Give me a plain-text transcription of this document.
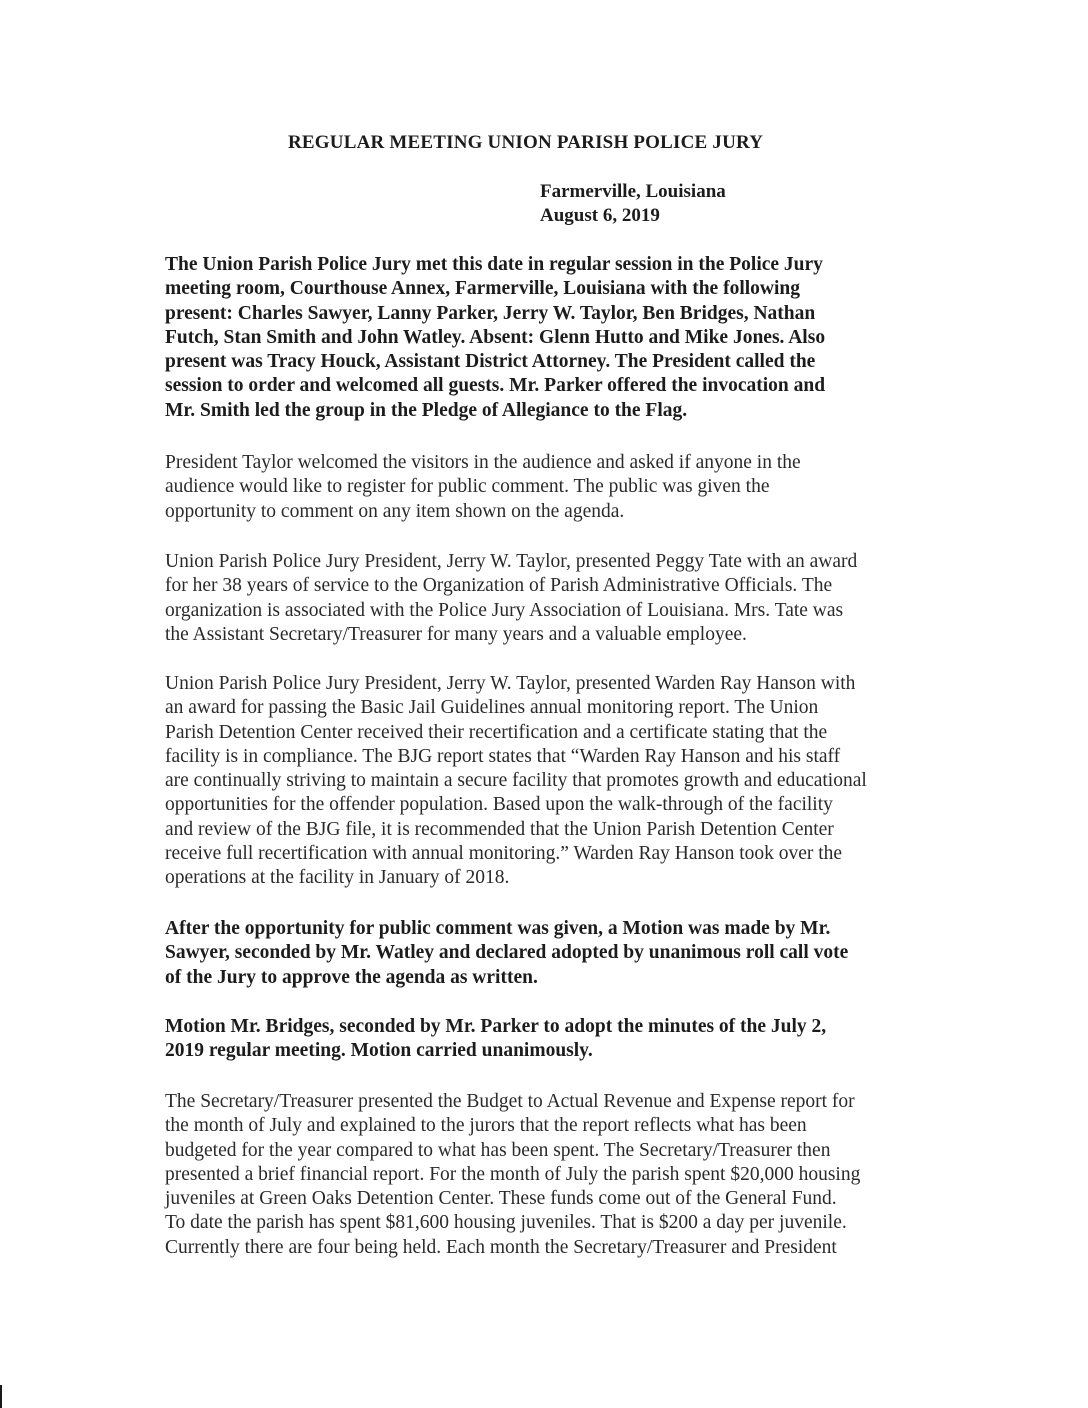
REGULAR MEETING UNION PARISH POLICE JURY
Farmerville, Louisiana
August 6, 2019
The Union Parish Police Jury met this date in regular session in the Police Jury
meeting room, Courthouse Annex, Farmerville, Louisiana with the following
present: Charles Sawyer, Lanny Parker, Jerry W. Taylor, Ben Bridges, Nathan
Futch, Stan Smith and John Watley. Absent: Glenn Hutto and Mike Jones. Also
present was Tracy Houck, Assistant District Attorney. The President called the
session to order and welcomed all guests. Mr. Parker offered the invocation and
Mr. Smith led the group in the Pledge of Allegiance to the Flag.
President Taylor welcomed the visitors in the audience and asked if anyone in the
audience would like to register for public comment. The public was given the
opportunity to comment on any item shown on the agenda.
Union Parish Police Jury President, Jerry W. Taylor, presented Peggy Tate with an award
for her 38 years of service to the Organization of Parish Administrative Officials. The
organization is associated with the Police Jury Association of Louisiana. Mrs. Tate was
the Assistant Secretary/Treasurer for many years and a valuable employee.
Union Parish Police Jury President, Jerry W. Taylor, presented Warden Ray Hanson with
an award for passing the Basic Jail Guidelines annual monitoring report. The Union
Parish Detention Center received their recertification and a certificate stating that the
facility is in compliance. The BJG report states that “Warden Ray Hanson and his staff
are continually striving to maintain a secure facility that promotes growth and educational
opportunities for the offender population. Based upon the walk-through of the facility
and review of the BJG file, it is recommended that the Union Parish Detention Center
receive full recertification with annual monitoring.” Warden Ray Hanson took over the
operations at the facility in January of 2018.
After the opportunity for public comment was given, a Motion was made by Mr.
Sawyer, seconded by Mr. Watley and declared adopted by unanimous roll call vote
of the Jury to approve the agenda as written.
Motion Mr. Bridges, seconded by Mr. Parker to adopt the minutes of the July 2,
2019 regular meeting. Motion carried unanimously.
The Secretary/Treasurer presented the Budget to Actual Revenue and Expense report for
the month of July and explained to the jurors that the report reflects what has been
budgeted for the year compared to what has been spent. The Secretary/Treasurer then
presented a brief financial report. For the month of July the parish spent $20,000 housing
juveniles at Green Oaks Detention Center. These funds come out of the General Fund.
To date the parish has spent $81,600 housing juveniles. That is $200 a day per juvenile.
Currently there are four being held. Each month the Secretary/Treasurer and President
